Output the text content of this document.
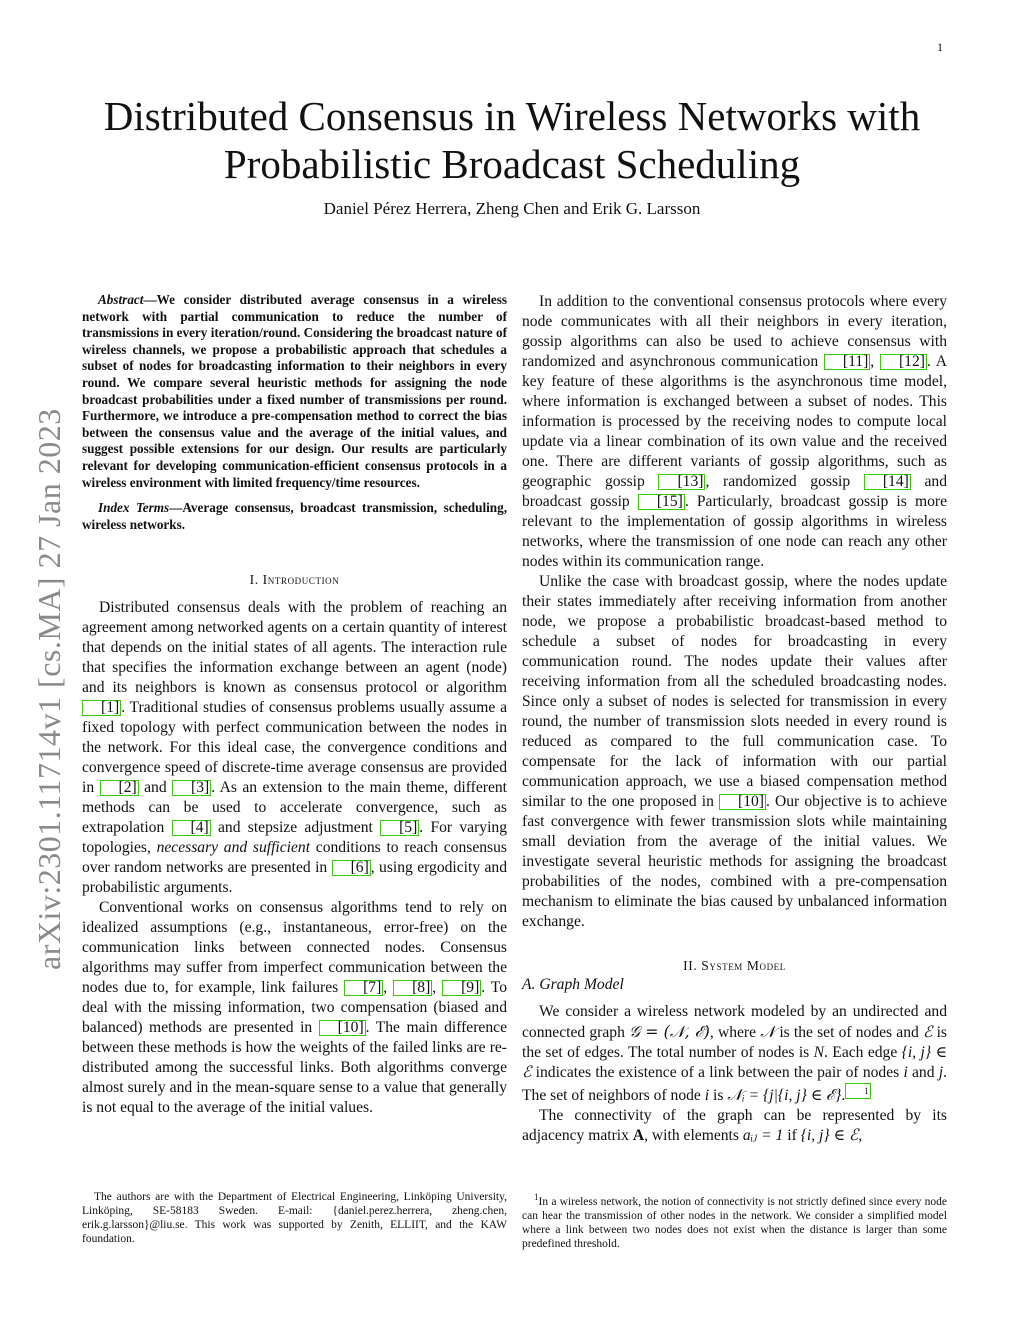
1
arXiv:2301.11714v1 [cs.MA] 27 Jan 2023
Distributed Consensus in Wireless Networks with
Probabilistic Broadcast Scheduling

Daniel Pérez Herrera, Zheng Chen and Erik G. Larsson

Abstract—We consider distributed average consensus in a wireless network with partial communication to reduce the number of transmissions in every iteration/round. Considering the broadcast nature of wireless channels, we propose a probabilistic approach that schedules a subset of nodes for broadcasting information to their neighbors in every round. We compare several heuristic methods for assigning the node broadcast probabilities under a fixed number of transmissions per round. Furthermore, we introduce a pre-compensation method to correct the bias between the consensus value and the average of the initial values, and suggest possible extensions for our design. Our results are particularly relevant for developing communication-efficient consensus protocols in a wireless environment with limited frequency/time resources.

Index Terms—Average consensus, broadcast transmission, scheduling, wireless networks.

I. Introduction

Distributed consensus deals with the problem of reaching an agreement among networked agents on a certain quantity of interest that depends on the initial states of all agents. The interaction rule that specifies the information exchange between an agent (node) and its neighbors is known as consensus protocol or algorithm [1] . Traditional studies of consensus problems usually assume a fixed topology with perfect communication between the nodes in the network. For this ideal case, the convergence conditions and convergence speed of discrete-time average consensus are provided in [2] and [3] . As an extension to the main theme, different methods can be used to accelerate convergence, such as extrapolation [4] and stepsize adjustment [5] . For varying topologies, necessary and sufficient conditions to reach consensus over random networks are presented in [6] , using ergodicity and probabilistic arguments.

Conventional works on consensus algorithms tend to rely on idealized assumptions (e.g., instantaneous, error-free) on the communication links between connected nodes. Consensus algorithms may suffer from imperfect communication between the nodes due to, for example, link failures [7] , [8] , [9] . To deal with the missing information, two compensation (biased and balanced) methods are presented in [10] . The main difference between these methods is how the weights of the failed links are re-distributed among the successful links. Both algorithms converge almost surely and in the mean-square sense to a value that generally is not equal to the average of the initial values.

In addition to the conventional consensus protocols where every node communicates with all their neighbors in every iteration, gossip algorithms can also be used to achieve consensus with randomized and asynchronous communication [11] , [12] . A key feature of these algorithms is the asynchronous time model, where information is exchanged between a subset of nodes. This information is processed by the receiving nodes to compute local update via a linear combination of its own value and the received one. There are different variants of gossip algorithms, such as geographic gossip [13] , randomized gossip [14] and broadcast gossip [15] . Particularly, broadcast gossip is more relevant to the implementation of gossip algorithms in wireless networks, where the transmission of one node can reach any other nodes within its communication range.

Unlike the case with broadcast gossip, where the nodes update their states immediately after receiving information from another node, we propose a probabilistic broadcast-based method to schedule a subset of nodes for broadcasting in every communication round. The nodes update their values after receiving information from all the scheduled broadcasting nodes. Since only a subset of nodes is selected for transmission in every round, the number of transmission slots needed in every round is reduced as compared to the full communication case. To compensate for the lack of information with our partial communication approach, we use a biased compensation method similar to the one proposed in [10] . Our objective is to achieve fast convergence with fewer transmission slots while maintaining small deviation from the average of the initial values. We investigate several heuristic methods for assigning the broadcast probabilities of the nodes, combined with a pre-compensation mechanism to eliminate the bias caused by unbalanced information exchange.

II. System Model
A. Graph Model

We consider a wireless network modeled by an undirected and connected graph 𝒢 = (𝒩, ℰ), where 𝒩 is the set of nodes and ℰ is the set of edges. The total number of nodes is N. Each edge {i, j} ∈ ℰ indicates the existence of a link between the pair of nodes i and j. The set of neighbors of node i is 𝒩ᵢ = {j|{i, j} ∈ ℰ}. 1

The connectivity of the graph can be represented by its adjacency matrix A, with elements aᵢⱼ = 1 if {i, j} ∈ ℰ,

The authors are with the Department of Electrical Engineering, Linköping University, Linköping, SE-58183 Sweden. E-mail: {daniel.perez.herrera, zheng.chen, erik.g.larsson}@liu.se. This work was supported by Zenith, ELLIIT, and the KAW foundation.

$^1$In a wireless network, the notion of connectivity is not strictly defined since every node can hear the transmission of other nodes in the network. We consider a simplified model where a link between two nodes does not exist when the distance is larger than some predefined threshold.
